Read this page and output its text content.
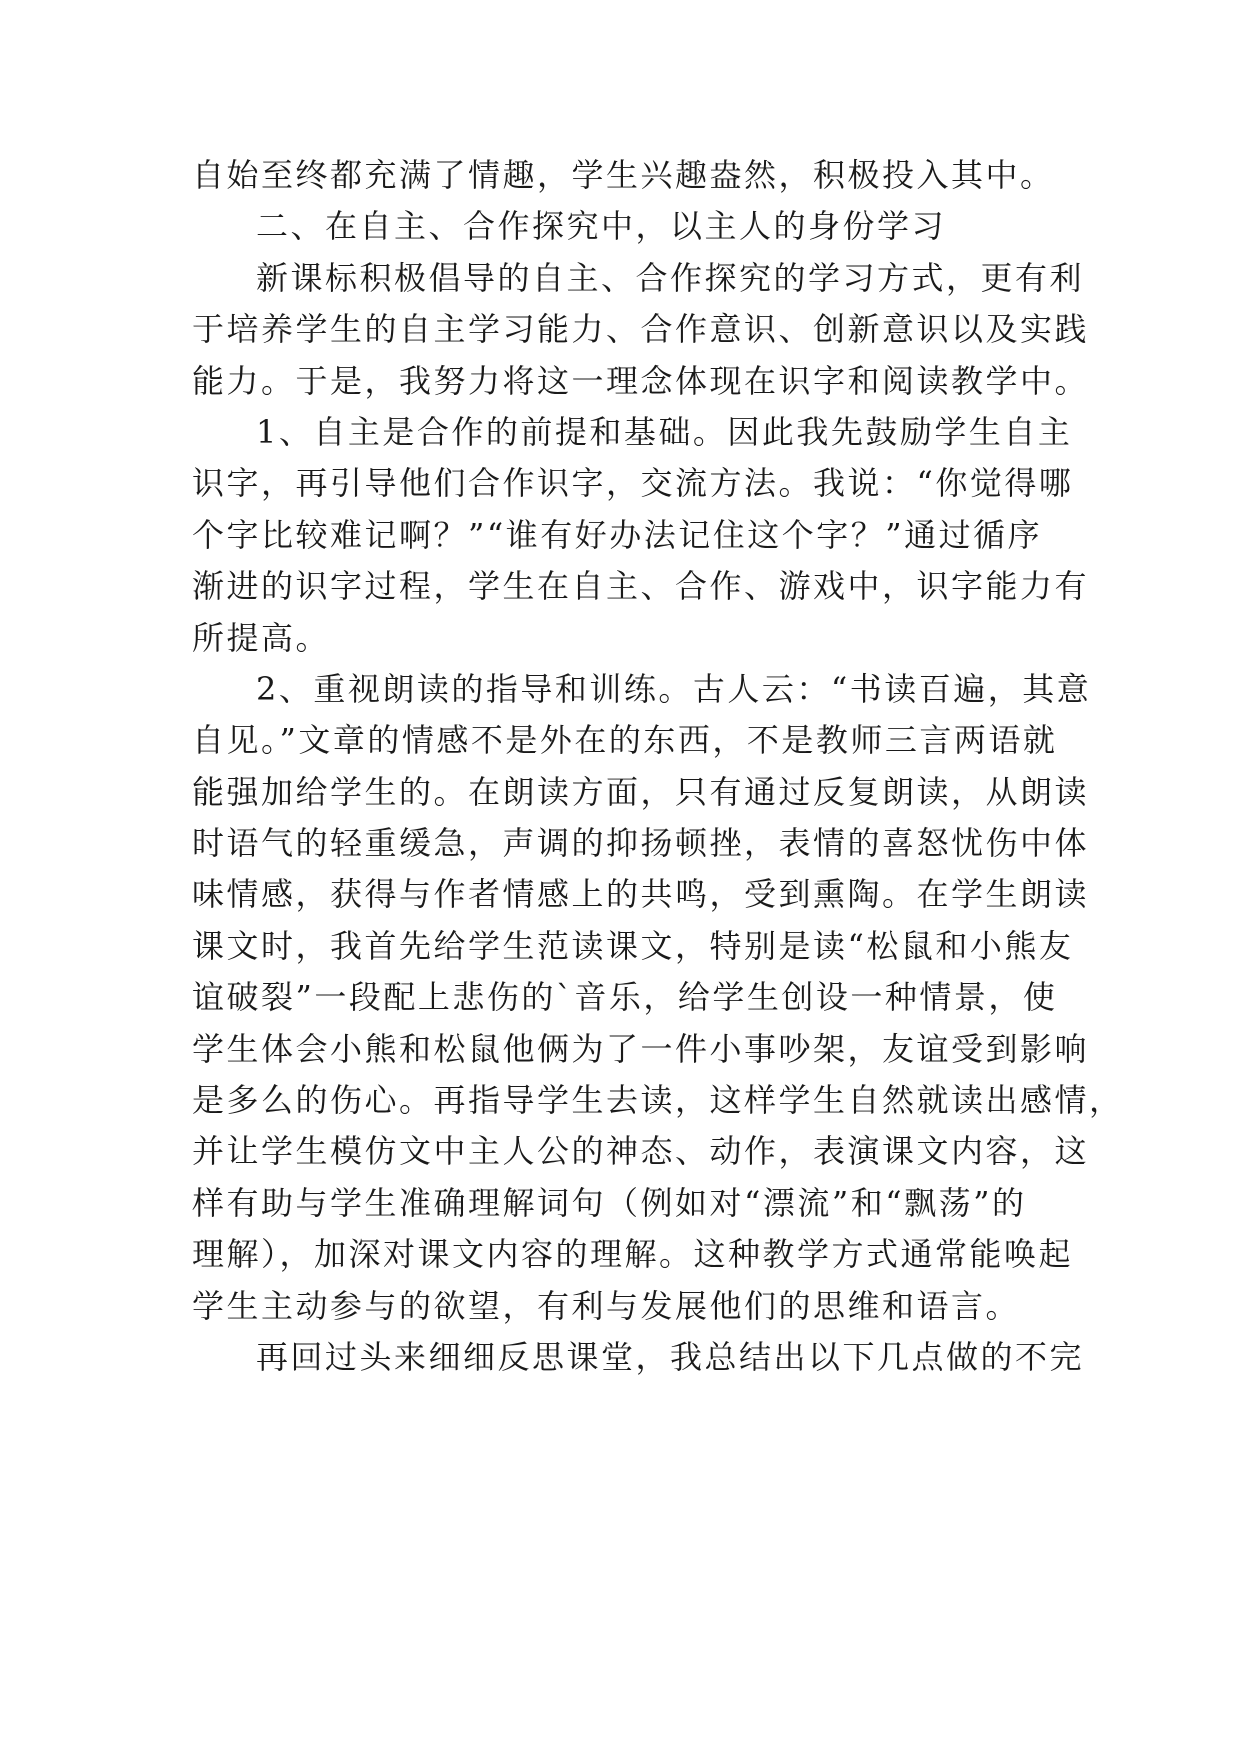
自始至终都充满了情趣，学生兴趣盎然，积极投入其中。

二、在自主、合作探究中，以主人的身份学习

新课标积极倡导的自主、合作探究的学习方式，更有利
于培养学生的自主学习能力、合作意识、创新意识以及实践
能力。于是，我努力将这一理念体现在识字和阅读教学中。

1、自主是合作的前提和基础。因此我先鼓励学生自主
识字，再引导他们合作识字，交流方法。我说：“你觉得哪
个字比较难记啊？”“谁有好办法记住这个字？”通过循序
渐进的识字过程，学生在自主、合作、游戏中，识字能力有
所提高。

2、重视朗读的指导和训练。古人云：“书读百遍，其意
自见。”文章的情感不是外在的东西，不是教师三言两语就
能强加给学生的。在朗读方面，只有通过反复朗读，从朗读
时语气的轻重缓急，声调的抑扬顿挫，表情的喜怒忧伤中体
味情感，获得与作者情感上的共鸣，受到熏陶。在学生朗读
课文时，我首先给学生范读课文，特别是读“松鼠和小熊友
谊破裂”一段配上悲伤的`音乐，给学生创设一种情景，使
学生体会小熊和松鼠他俩为了一件小事吵架，友谊受到影响
是多么的伤心。再指导学生去读，这样学生自然就读出感情，
并让学生模仿文中主人公的神态、动作，表演课文内容，这
样有助与学生准确理解词句（例如对“漂流”和“飘荡”的
理解），加深对课文内容的理解。这种教学方式通常能唤起
学生主动参与的欲望，有利与发展他们的思维和语言。

再回过头来细细反思课堂，我总结出以下几点做的不完
